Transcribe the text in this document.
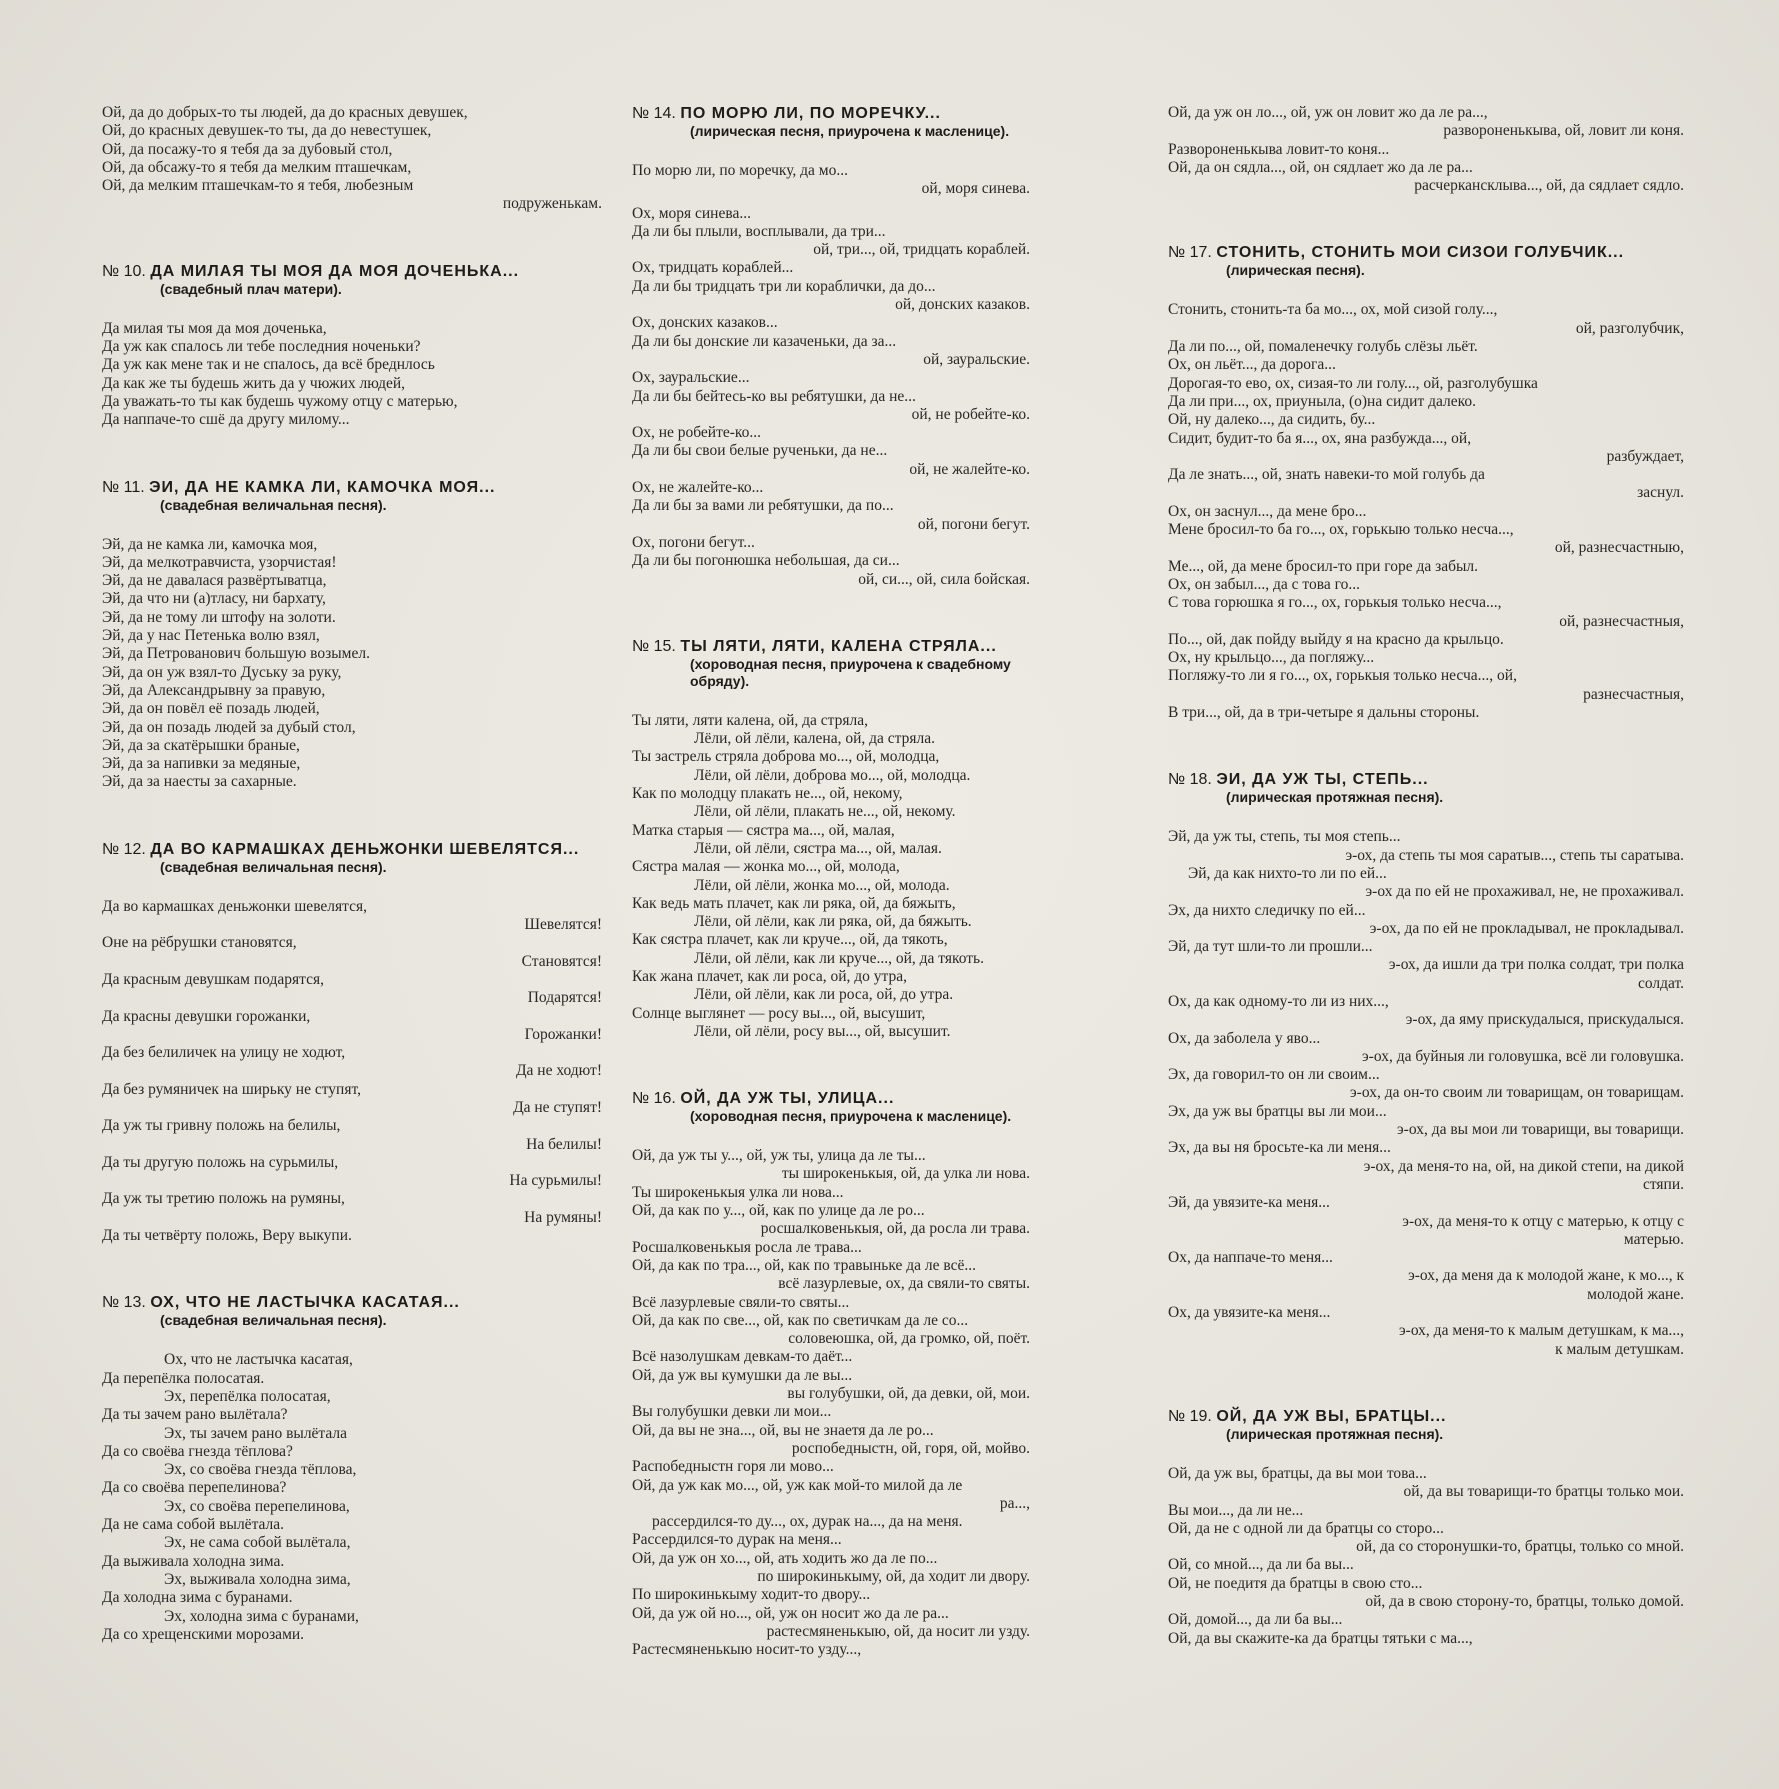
Ой, да до добрых-то ты людей, да до красных девушек,
Ой, до красных девушек-то ты, да до невестушек,
Ой, да посажу-то я тебя да за дубовый стол,
Ой, да обсажу-то я тебя да мелким пташечкам,
Ой, да мелким пташечкам-то я тебя, любезным
подруженькам.
№ 10. ДА МИЛАЯ ТЫ МОЯ ДА МОЯ ДОЧЕНЬКА...
(свадебный плач матери).
Да милая ты моя да моя доченька,
Да уж как спалось ли тебе последния ноченьки?
Да уж как мене так и не спалось, да всё бреднлось
Да как же ты будешь жить да у чюжих людей,
Да уважать-то ты как будешь чужому отцу с матерью,
Да наппаче-то сшё да другу милому...
№ 11. ЭИ, ДА НЕ КАМКА ЛИ, КАМОЧКА МОЯ...
(свадебная величальная песня).
Эй, да не камка ли, камочка моя,
Эй, да мелкотравчиста, узорчистая!
Эй, да не давалася развёртыватца,
Эй, да что ни (а)тласу, ни бархату,
Эй, да не тому ли штофу на золоти.
Эй, да у нас Петенька волю взял,
Эй, да Петрованович большую возымел.
Эй, да он уж взял-то Дуську за руку,
Эй, да Александрывну за правую,
Эй, да он повёл её позадь людей,
Эй, да он позадь людей за дубый стол,
Эй, да за скатёрышки браные,
Эй, да за напивки за медяные,
Эй, да за наесты за сахарные.
№ 12. ДА ВО КАРМАШКАХ ДЕНЬЖОНКИ ШЕВЕЛЯТСЯ...
(свадебная величальная песня).
Да во кармашках деньжонки шевелятся,
Шевелятся!
Оне на рёбрушки становятся,
Становятся!
Да красным девушкам подарятся,
Подарятся!
Да красны девушки горожанки,
Горожанки!
Да без белиличек на улицу не ходют,
Да не ходют!
Да без румяничек на ширьку не ступят,
Да не ступят!
Да уж ты гривну положь на белилы,
На белилы!
Да ты другую положь на сурьмилы,
На сурьмилы!
Да уж ты третию положь на румяны,
На румяны!
Да ты четвёрту положь, Веру выкупи.
№ 13. ОХ, ЧТО НЕ ЛАСТЫЧКА КАСАТАЯ...
(свадебная величальная песня).
Ох, что не ластычка касатая,
Да перепёлка полосатая.
Эх, перепёлка полосатая,
Да ты зачем рано вылётала?
Эх, ты зачем рано вылётала
Да со своёва гнезда тёплова?
Эх, со своёва гнезда тёплова,
Да со своёва перепелинова?
Эх, со своёва перепелинова,
Да не сама собой вылётала.
Эх, не сама собой вылётала,
Да выживала холодна зима.
Эх, выживала холодна зима,
Да холодна зима с буранами.
Эх, холодна зима с буранами,
Да со хрещенскими морозами.
№ 14. ПО МОРЮ ЛИ, ПО МОРЕЧКУ...
(лирическая песня, приурочена к масленице).
По морю ли, по моречку, да мо...
ой, моря синева.
Ох, моря синева...
Да ли бы плыли, восплывали, да три...
ой, три..., ой, тридцать кораблей.
Ох, тридцать кораблей...
Да ли бы тридцать три ли кораблички, да до...
ой, донских казаков.
Ох, донских казаков...
Да ли бы донские ли казаченьки, да за...
ой, зауральские.
Ох, зауральские...
Да ли бы бейтесь-ко вы ребятушки, да не...
ой, не робейте-ко.
Ох, не робейте-ко...
Да ли бы свои белые рученьки, да не...
ой, не жалейте-ко.
Ох, не жалейте-ко...
Да ли бы за вами ли ребятушки, да по...
ой, погони бегут.
Ох, погони бегут...
Да ли бы погонюшка небольшая, да си...
ой, си..., ой, сила бойская.
№ 15. ТЫ ЛЯТИ, ЛЯТИ, КАЛЕНА СТРЯЛА...
(хороводная песня, приурочена к свадебному
обряду).
Ты ляти, ляти калена, ой, да стряла,
Лёли, ой лёли, калена, ой, да стряла.
Ты застрель стряла доброва мо..., ой, молодца,
Лёли, ой лёли, доброва мо..., ой, молодца.
Как по молодцу плакать не..., ой, некому,
Лёли, ой лёли, плакать не..., ой, некому.
Матка старыя — сястра ма..., ой, малая,
Лёли, ой лёли, сястра ма..., ой, малая.
Сястра малая — жонка мо..., ой, молода,
Лёли, ой лёли, жонка мо..., ой, молода.
Как ведь мать плачет, как ли ряка, ой, да бяжыть,
Лёли, ой лёли, как ли ряка, ой, да бяжыть.
Как сястра плачет, как ли круче..., ой, да тякоть,
Лёли, ой лёли, как ли круче..., ой, да тякоть.
Как жана плачет, как ли роса, ой, до утра,
Лёли, ой лёли, как ли роса, ой, до утра.
Солнце выглянет — росу вы..., ой, высушит,
Лёли, ой лёли, росу вы..., ой, высушит.
№ 16. ОЙ, ДА УЖ ТЫ, УЛИЦА...
(хороводная песня, приурочена к масленице).
Ой, да уж ты у..., ой, уж ты, улица да ле ты...
ты широкенькыя, ой, да улка ли нова.
Ты широкенькыя улка ли нова...
Ой, да как по у..., ой, как по улице да ле ро...
росшалковенькыя, ой, да росла ли трава.
Росшалковенькыя росла ле трава...
Ой, да как по тра..., ой, как по травыньке да ле всё...
всё лазурлевые, ох, да свяли-то святы.
Всё лазурлевые свяли-то святы...
Ой, да как по све..., ой, как по светичкам да ле со...
соловеюшка, ой, да громко, ой, поёт.
Всё назолушкам девкам-то даёт...
Ой, да уж вы кумушки да ле вы...
вы голубушки, ой, да девки, ой, мои.
Вы голубушки девки ли мои...
Ой, да вы не зна..., ой, вы не знаетя да ле ро...
роспобедныстн, ой, горя, ой, мойво.
Распобедныстн горя ли мово...
Ой, да уж как мо..., ой, уж как мой-то милой да ле
ра...,
рассердился-то ду..., ох, дурак на..., да на меня.
Рассердился-то дурак на меня...
Ой, да уж он хо..., ой, ать ходить жо да ле по...
по широкинькыму, ой, да ходит ли двору.
По широкинькыму ходит-то двору...
Ой, да уж ой но..., ой, уж он носит жо да ле ра...
растесмяненькыю, ой, да носит ли узду.
Растесмяненькыю носит-то узду...,
Ой, да уж он ло..., ой, уж он ловит жо да ле ра...,
развороненькыва, ой, ловит ли коня.
Развороненькыва ловит-то коня...
Ой, да он сядла..., ой, он сядлает жо да ле ра...
расчеркансклыва..., ой, да сядлает сядло.
№ 17. СТОНИТЬ, СТОНИТЬ МОИ СИЗОИ ГОЛУБЧИК...
(лирическая песня).
Стонить, стонить-та ба мо..., ох, мой сизой голу...,
ой, разголубчик,
Да ли по..., ой, помаленечку голубь слёзы льёт.
Ох, он льёт..., да дорога...
Дорогая-то ево, ох, сизая-то ли голу..., ой, разголубушка
Да ли при..., ох, приуныла, (о)на сидит далеко.
Ой, ну далеко..., да сидить, бу...
Сидит, будит-то ба я..., ох, яна разбужда..., ой,
разбуждает,
Да ле знать..., ой, знать навеки-то мой голубь да
заснул.
Ох, он заснул..., да мене бро...
Мене бросил-то ба го..., ох, горькыю только несча...,
ой, разнесчастныю,
Ме..., ой, да мене бросил-то при горе да забыл.
Ох, он забыл..., да с това го...
С това горюшка я го..., ох, горькыя только несча...,
ой, разнесчастныя,
По..., ой, дак пойду выйду я на красно да крыльцо.
Ох, ну крыльцо..., да погляжу...
Погляжу-то ли я го..., ох, горькыя только несча..., ой,
разнесчастныя,
В три..., ой, да в три-четыре я дальны стороны.
№ 18. ЭИ, ДА УЖ ТЫ, СТЕПЬ...
(лирическая протяжная песня).
Эй, да уж ты, степь, ты моя степь...
э-ох, да степь ты моя саратыв..., степь ты саратыва.
Эй, да как нихто-то ли по ей...
э-ох да по ей не прохаживал, не, не прохаживал.
Эх, да нихто следичку по ей...
э-ох, да по ей не прокладывал, не прокладывал.
Эй, да тут шли-то ли прошли...
э-ох, да ишли да три полка солдат, три полка
солдат.
Ох, да как одному-то ли из них...,
э-ох, да яму прискудалыся, прискудалыся.
Ох, да заболела у яво...
э-ох, да буйныя ли головушка, всё ли головушка.
Эх, да говорил-то он ли своим...
э-ох, да он-то своим ли товарищам, он товарищам.
Эх, да уж вы братцы вы ли мои...
э-ох, да вы мои ли товарищи, вы товарищи.
Эх, да вы ня бросьте-ка ли меня...
э-ох, да меня-то на, ой, на дикой степи, на дикой
стяпи.
Эй, да увязите-ка меня...
э-ох, да меня-то к отцу с матерью, к отцу с
матерью.
Ох, да наппаче-то меня...
э-ох, да меня да к молодой жане, к мо..., к
молодой жане.
Ох, да увязите-ка меня...
э-ох, да меня-то к малым детушкам, к ма...,
к малым детушкам.
№ 19. ОЙ, ДА УЖ ВЫ, БРАТЦЫ...
(лирическая протяжная песня).
Ой, да уж вы, братцы, да вы мои това...
ой, да вы товарищи-то братцы только мои.
Вы мои..., да ли не...
Ой, да не с одной ли да братцы со сторо...
ой, да со сторонушки-то, братцы, только со мной.
Ой, со мной..., да ли ба вы...
Ой, не поедитя да братцы в свою сто...
ой, да в свою сторону-то, братцы, только домой.
Ой, домой..., да ли ба вы...
Ой, да вы скажите-ка да братцы тятьки с ма...,
